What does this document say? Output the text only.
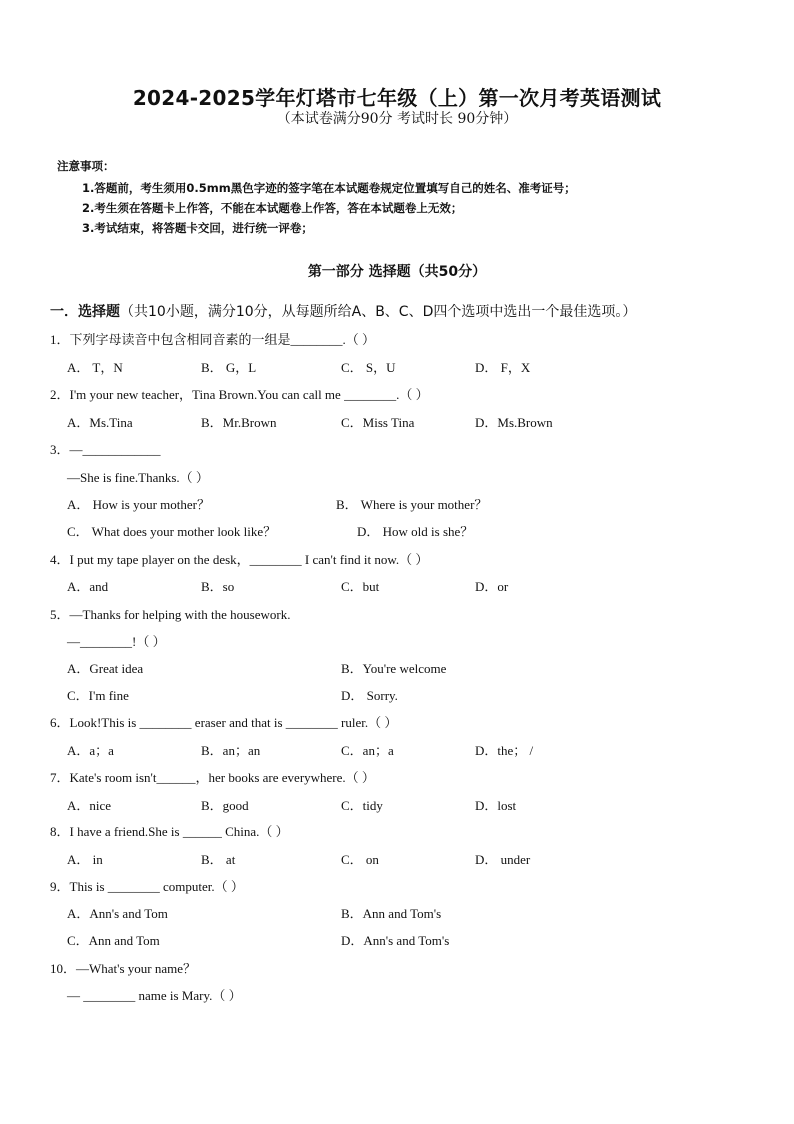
2024-2025学年灯塔市七年级（上）第一次月考英语测试
（本试卷满分90分 考试时长 90分钟）
注意事项：
1.答题前，考生须用0.5mm黑色字迹的签字笔在本试题卷规定位置填写自己的姓名、准考证号；
2.考生须在答题卡上作答，不能在本试题卷上作答，答在本试题卷上无效；
3.考试结束，将答题卡交回，进行统一评卷；
第一部分 选择题（共50分）
一．选择题（共10小题，满分10分，从每题所给A、B、C、D四个选项中选出一个最佳选项。）
1．下列字母读音中包含相同音素的一组是________.（ ）
A． T，N	B． G，L	C． S，U	D． F，X
2．I'm your new teacher，Tina Brown.You can call me ________.（ ）
A．Ms.Tina	B．Mr.Brown	C．Miss Tina	D．Ms.Brown
3．—____________
—She is fine.Thanks.（ ）
A． How is your mother？	B． Where is your mother？
C． What does your mother look like？	D． How old is she？
4．I put my tape player on the desk，________ I can't find it now.（ ）
A．and	B．so	C．but	D．or
5．—Thanks for helping with the housework.
—________!（ ）
A．Great idea	B．You're welcome
C．I'm fine	D． Sorry.
6．Look!This is ________ eraser and that is ________ ruler.（ ）
A．a；a	B．an；an	C．an；a	D．the； /
7．Kate's room isn't______，her books are everywhere.（ ）
A．nice	B．good	C．tidy	D．lost
8．I have a friend.She is ______ China.（ ）
A． in	B． at	C． on	D． under
9．This is ________ computer.（ ）
A．Ann's and Tom	B．Ann and Tom's
C．Ann and Tom	D．Ann's and Tom's
10．—What's your name？
— ________ name is Mary.（ ）
